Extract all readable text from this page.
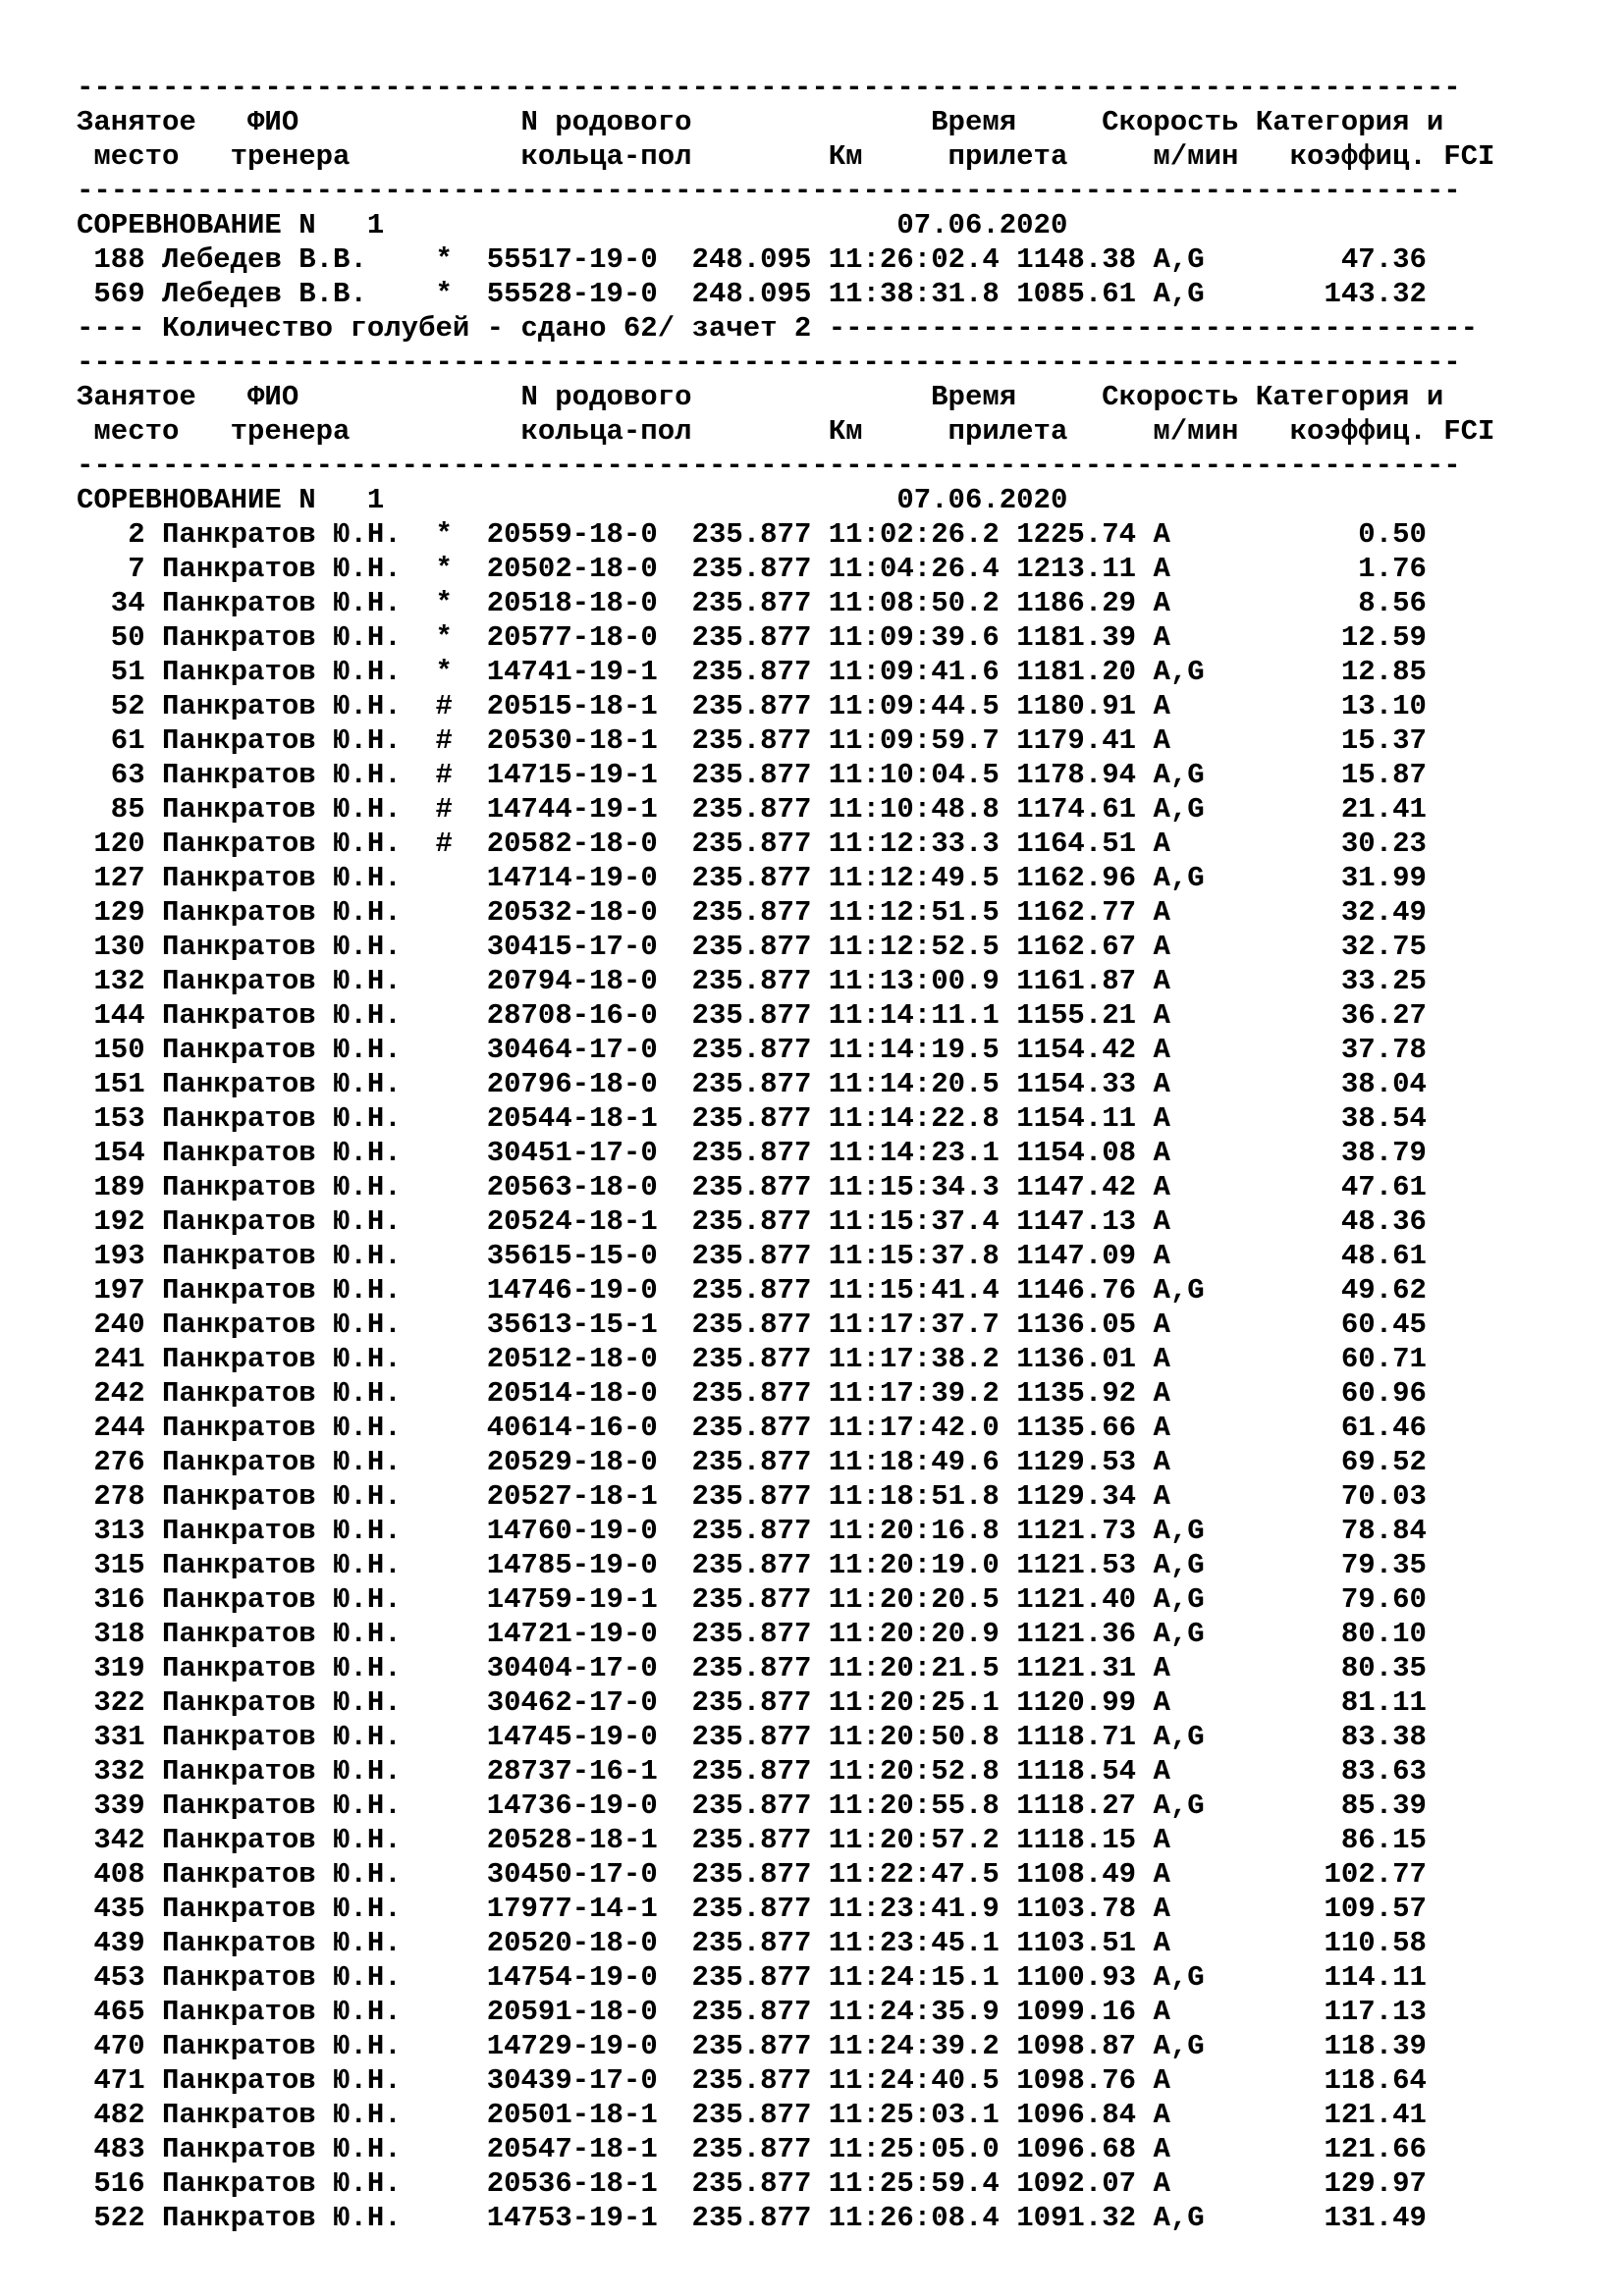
---------------------------------------------------------------------------------
Занятое   ФИО             N родового              Время     Скорость Категория и
место   тренера          кольца-пол        Км     прилета     м/мин   коэффиц. FCI
---------------------------------------------------------------------------------
СОРЕВНОВАНИЕ N   1                              07.06.2020
188 Лебедев В.В.    * 55517-19-0 248.095 11:26:02.4 1148.38 A,G        47.36
569 Лебедев В.В.    * 55528-19-0 248.095 11:38:31.8 1085.61 A,G       143.32
---- Количество голубей - сдано 62/ зачет 2 --------------------------------------
---------------------------------------------------------------------------------
Занятое   ФИО             N родового              Время     Скорость Категория и
место   тренера          кольца-пол        Км     прилета     м/мин   коэффиц. FCI
---------------------------------------------------------------------------------
СОРЕВНОВАНИЕ N   1                              07.06.2020
2 Панкратов Ю.Н. * 20559-18-0 235.877 11:02:26.2 1225.74 A           0.50
7 Панкратов Ю.Н. * 20502-18-0 235.877 11:04:26.4 1213.11 A           1.76
34 Панкратов Ю.Н. * 20518-18-0 235.877 11:08:50.2 1186.29 A           8.56
50 Панкратов Ю.Н. * 20577-18-0 235.877 11:09:39.6 1181.39 A          12.59
51 Панкратов Ю.Н. * 14741-19-1 235.877 11:09:41.6 1181.20 A,G        12.85
52 Панкратов Ю.Н. # 20515-18-1 235.877 11:09:44.5 1180.91 A          13.10
61 Панкратов Ю.Н. # 20530-18-1 235.877 11:09:59.7 1179.41 A          15.37
63 Панкратов Ю.Н. # 14715-19-1 235.877 11:10:04.5 1178.94 A,G        15.87
85 Панкратов Ю.Н. # 14744-19-1 235.877 11:10:48.8 1174.61 A,G        21.41
120 Панкратов Ю.Н. # 20582-18-0 235.877 11:12:33.3 1164.51 A          30.23
127 Панкратов Ю.Н.	14714-19-0 235.877 11:12:49.5 1162.96 A,G        31.99
129 Панкратов Ю.Н.	20532-18-0 235.877 11:12:51.5 1162.77 A          32.49
130 Панкратов Ю.Н.	30415-17-0 235.877 11:12:52.5 1162.67 A          32.75
132 Панкратов Ю.Н.	20794-18-0 235.877 11:13:00.9 1161.87 A          33.25
144 Панкратов Ю.Н.	28708-16-0 235.877 11:14:11.1 1155.21 A          36.27
150 Панкратов Ю.Н.	30464-17-0 235.877 11:14:19.5 1154.42 A          37.78
151 Панкратов Ю.Н.	20796-18-0 235.877 11:14:20.5 1154.33 A          38.04
153 Панкратов Ю.Н.	20544-18-1 235.877 11:14:22.8 1154.11 A          38.54
154 Панкратов Ю.Н.	30451-17-0 235.877 11:14:23.1 1154.08 A          38.79
189 Панкратов Ю.Н.	20563-18-0 235.877 11:15:34.3 1147.42 A          47.61
192 Панкратов Ю.Н.	20524-18-1 235.877 11:15:37.4 1147.13 A          48.36
193 Панкратов Ю.Н.	35615-15-0 235.877 11:15:37.8 1147.09 A          48.61
197 Панкратов Ю.Н.	14746-19-0 235.877 11:15:41.4 1146.76 A,G        49.62
240 Панкратов Ю.Н.	35613-15-1 235.877 11:17:37.7 1136.05 A          60.45
241 Панкратов Ю.Н.	20512-18-0 235.877 11:17:38.2 1136.01 A          60.71
242 Панкратов Ю.Н.	20514-18-0 235.877 11:17:39.2 1135.92 A          60.96
244 Панкратов Ю.Н.	40614-16-0 235.877 11:17:42.0 1135.66 A          61.46
276 Панкратов Ю.Н.	20529-18-0 235.877 11:18:49.6 1129.53 A          69.52
278 Панкратов Ю.Н.	20527-18-1 235.877 11:18:51.8 1129.34 A          70.03
313 Панкратов Ю.Н.	14760-19-0 235.877 11:20:16.8 1121.73 A,G        78.84
315 Панкратов Ю.Н.	14785-19-0 235.877 11:20:19.0 1121.53 A,G        79.35
316 Панкратов Ю.Н.	14759-19-1 235.877 11:20:20.5 1121.40 A,G        79.60
318 Панкратов Ю.Н.	14721-19-0 235.877 11:20:20.9 1121.36 A,G        80.10
319 Панкратов Ю.Н.	30404-17-0 235.877 11:20:21.5 1121.31 A          80.35
322 Панкратов Ю.Н.	30462-17-0 235.877 11:20:25.1 1120.99 A          81.11
331 Панкратов Ю.Н.	14745-19-0 235.877 11:20:50.8 1118.71 A,G        83.38
332 Панкратов Ю.Н.	28737-16-1 235.877 11:20:52.8 1118.54 A          83.63
339 Панкратов Ю.Н.	14736-19-0 235.877 11:20:55.8 1118.27 A,G        85.39
342 Панкратов Ю.Н.	20528-18-1 235.877 11:20:57.2 1118.15 A          86.15
408 Панкратов Ю.Н.	30450-17-0 235.877 11:22:47.5 1108.49 A         102.77
435 Панкратов Ю.Н.	17977-14-1 235.877 11:23:41.9 1103.78 A         109.57
439 Панкратов Ю.Н.	20520-18-0 235.877 11:23:45.1 1103.51 A         110.58
453 Панкратов Ю.Н.	14754-19-0 235.877 11:24:15.1 1100.93 A,G       114.11
465 Панкратов Ю.Н.	20591-18-0 235.877 11:24:35.9 1099.16 A         117.13
470 Панкратов Ю.Н.	14729-19-0 235.877 11:24:39.2 1098.87 A,G       118.39
471 Панкратов Ю.Н.	30439-17-0 235.877 11:24:40.5 1098.76 A         118.64
482 Панкратов Ю.Н.	20501-18-1 235.877 11:25:03.1 1096.84 A         121.41
483 Панкратов Ю.Н.	20547-18-1 235.877 11:25:05.0 1096.68 A         121.66
516 Панкратов Ю.Н.	20536-18-1 235.877 11:25:59.4 1092.07 A         129.97
522 Панкратов Ю.Н.	14753-19-1 235.877 11:26:08.4 1091.32 A,G       131.49
